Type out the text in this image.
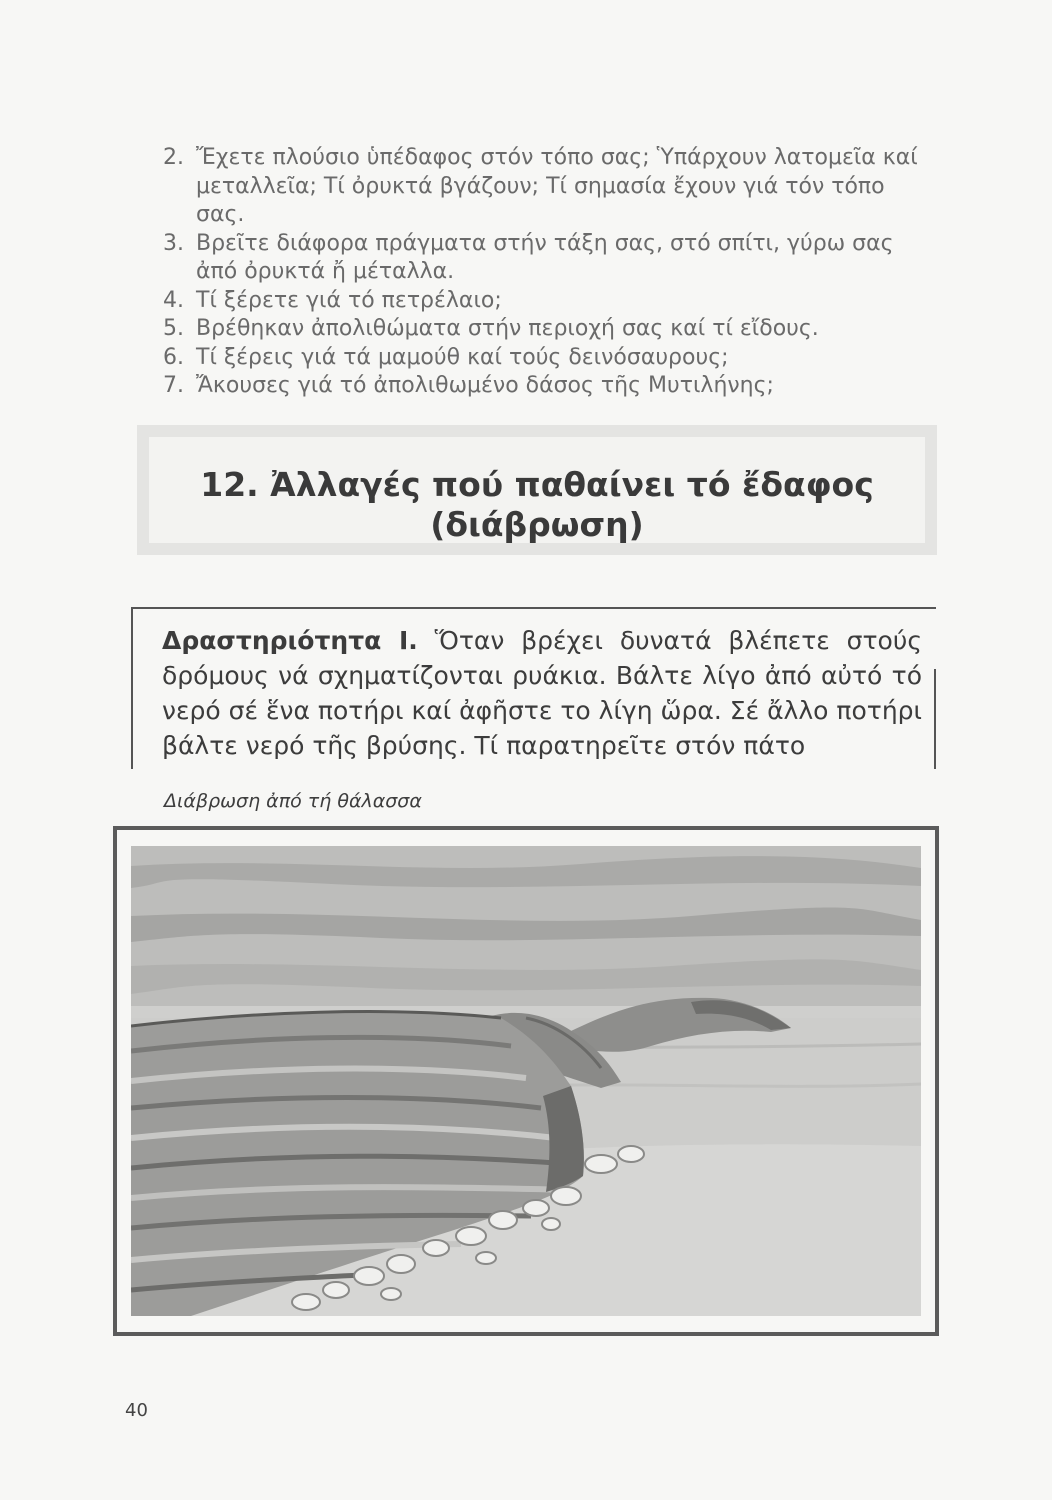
2. Ἔχετε πλούσιο ὑπέδαφος στόν τόπο σας; Ὑπάρχουν λατομεῖα καί μεταλλεῖα; Τί ὀρυκτά βγάζουν; Τί σημασία ἔχουν γιά τόν τόπο σας.
3. Βρεῖτε διάφορα πράγματα στήν τάξη σας, στό σπίτι, γύρω σας ἀπό ὀρυκτά ἤ μέταλλα.
4. Τί ξέρετε γιά τό πετρέλαιο;
5. Βρέθηκαν ἀπολιθώματα στήν περιοχή σας καί τί εἴδους.
6. Τί ξέρεις γιά τά μαμούθ καί τούς δεινόσαυρους;
7. Ἄκουσες γιά τό ἀπολιθωμένο δάσος τῆς Μυτιλήνης;
12. Ἀλλαγές πού παθαίνει τό ἔδαφος
(διάβρωση)
Δραστηριότητα Ι. Ὅταν βρέχει δυνατά βλέπετε στούς δρόμους νά σχηματίζονται ρυάκια. Βάλτε λίγο ἀπό αὐτό τό νερό σέ ἕνα ποτήρι καί ἀφῆστε το λίγη ὥρα. Σέ ἄλλο ποτήρι βάλτε νερό τῆς βρύσης. Τί παρατηρεῖτε στόν πάτο
Διάβρωση ἀπό τή θάλασσα
40
